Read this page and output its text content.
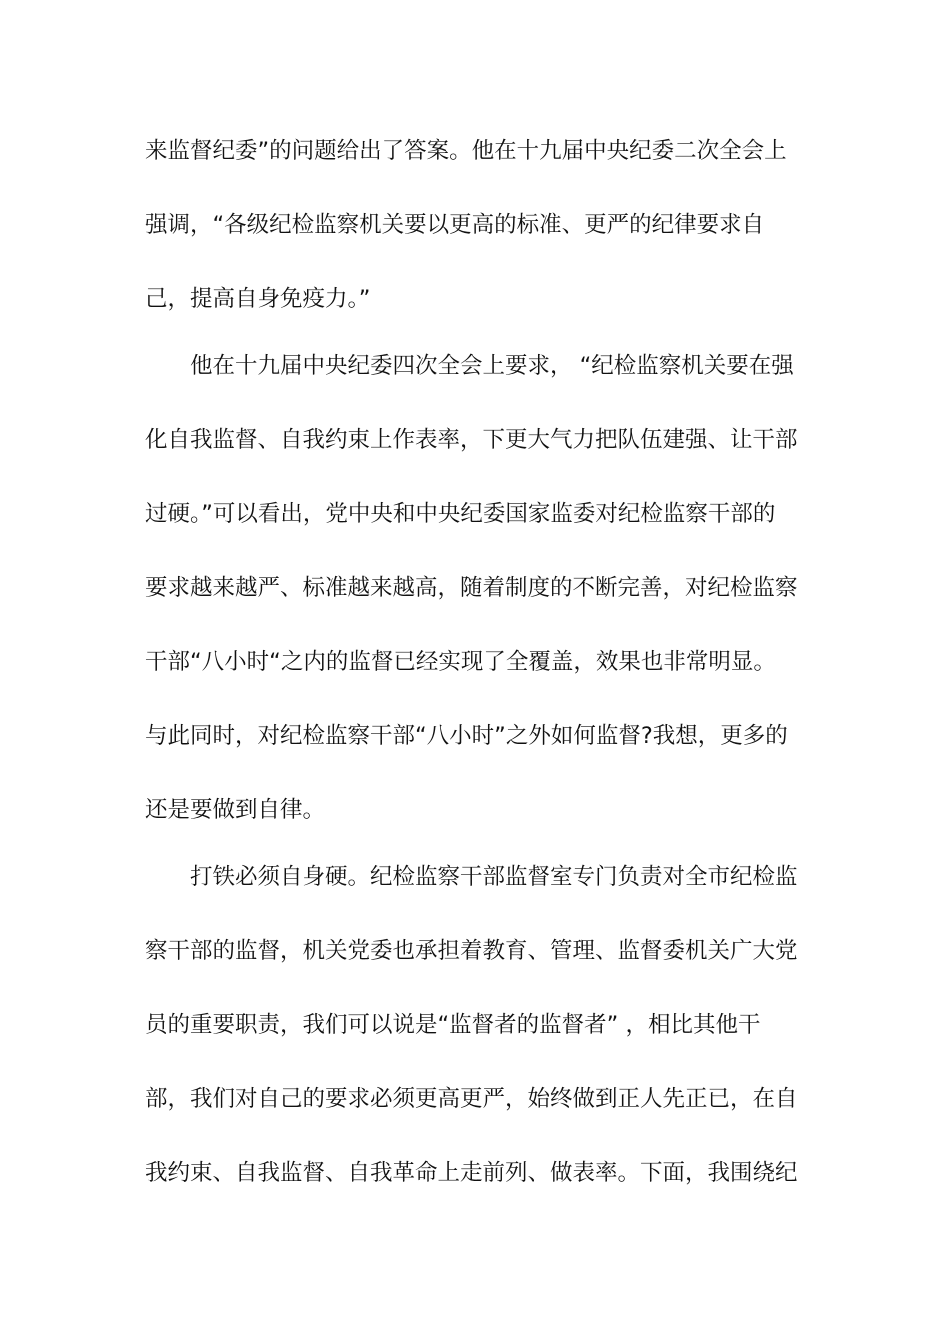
来监督纪委”的问题给出了答案。他在十九届中央纪委二次全会上
强调，“各级纪检监察机关要以更高的标准、更严的纪律要求自
己，提高自身免疫力。”
他在十九届中央纪委四次全会上要求， “纪检监察机关要在强
化自我监督、自我约束上作表率，下更大气力把队伍建强、让干部
过硬。”可以看出，党中央和中央纪委国家监委对纪检监察干部的
要求越来越严、标准越来越高，随着制度的不断完善，对纪检监察
干部“八小时“之内的监督已经实现了全覆盖，效果也非常明显。
与此同时，对纪检监察干部“八小时”之外如何监督?我想，更多的
还是要做到自律。
打铁必须自身硬。纪检监察干部监督室专门负责对全市纪检监
察干部的监督，机关党委也承担着教育、管理、监督委机关广大党
员的重要职责，我们可以说是“监督者的监督者” ，相比其他干
部，我们对自己的要求必须更高更严，始终做到正人先正已，在自
我约束、自我监督、自我革命上走前列、做表率。下面，我围绕纪
